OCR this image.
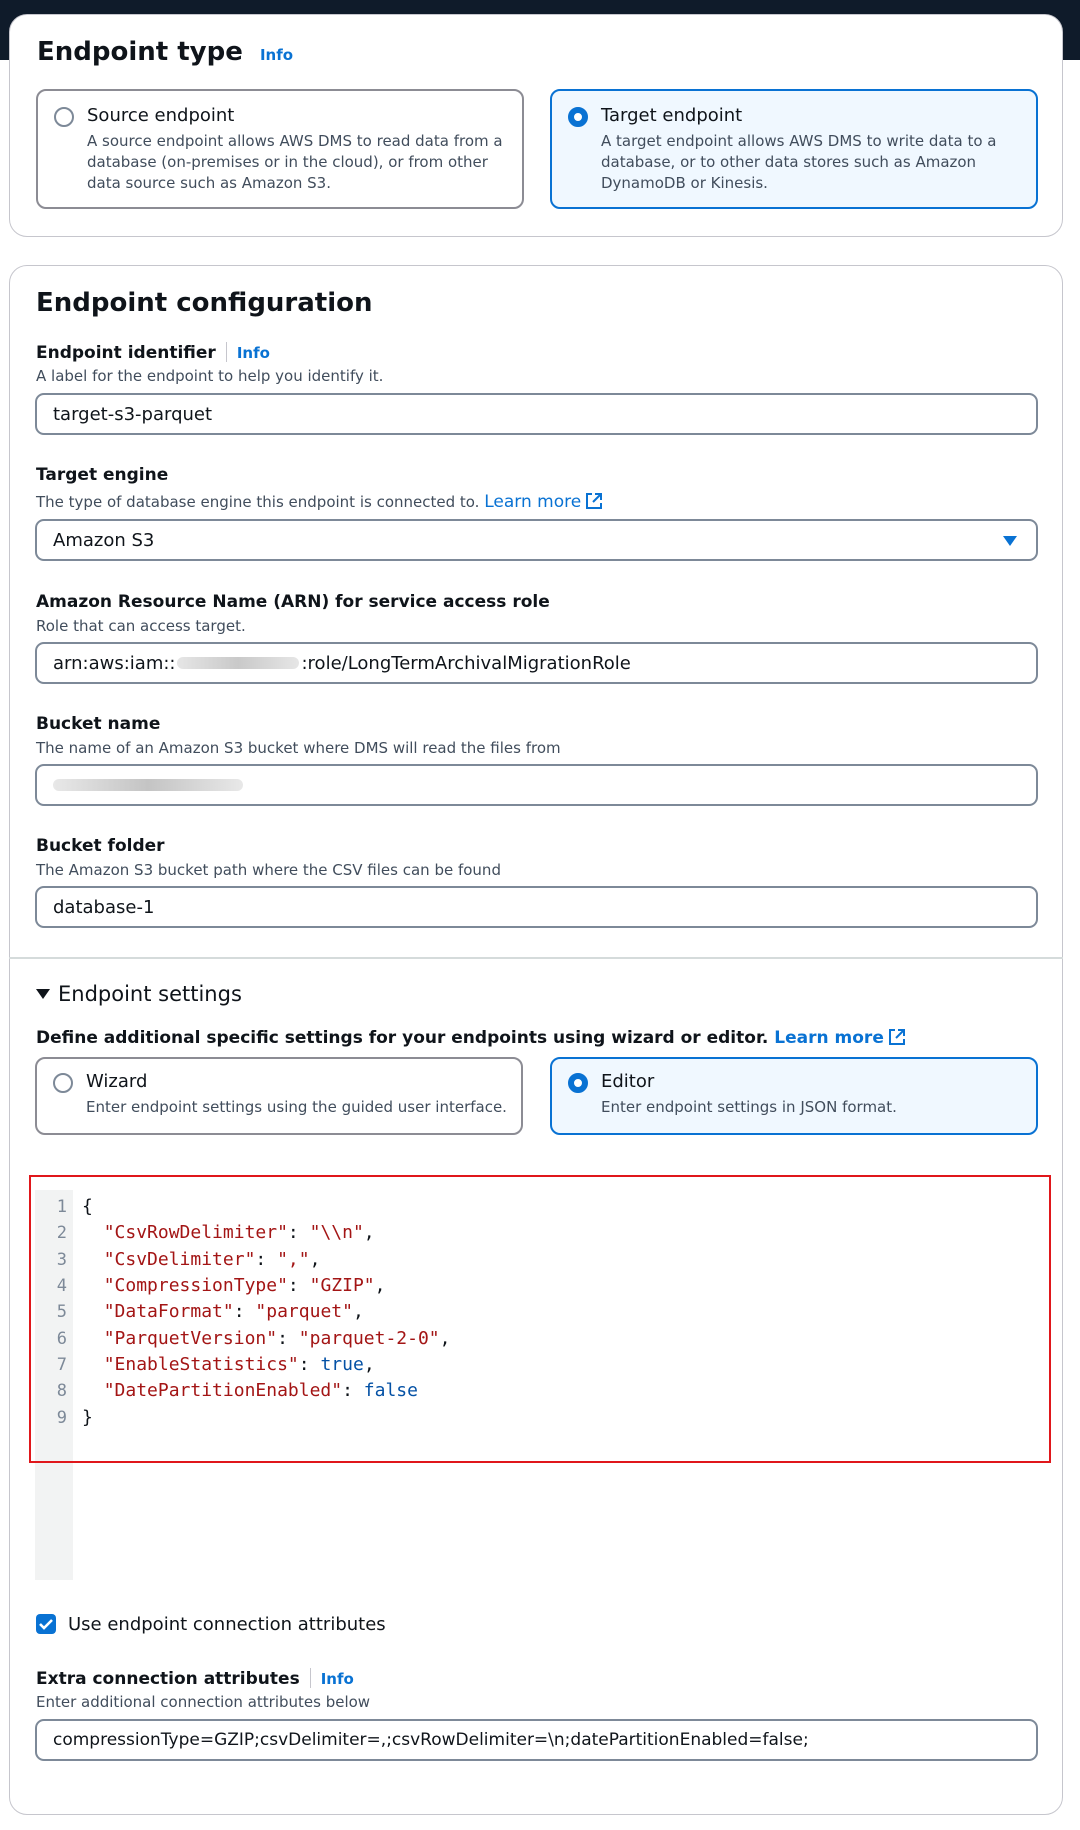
Endpoint type Info
Source endpoint
A source endpoint allows AWS DMS to read data from a database (on-premises or in the cloud), or from other data source such as Amazon S3.
Target endpoint
A target endpoint allows AWS DMS to write data to a database, or to other data stores such as Amazon DynamoDB or Kinesis.
Endpoint configuration
Endpoint identifier Info
A label for the endpoint to help you identify it.
target-s3-parquet
Target engine
The type of database engine this endpoint is connected to. Learn more
Amazon S3
Amazon Resource Name (ARN) for service access role
Role that can access target.
arn:aws:iam::	:role/LongTermArchivalMigrationRole
Bucket name
The name of an Amazon S3 bucket where DMS will read the files from
Bucket folder
The Amazon S3 bucket path where the CSV files can be found
database-1
Endpoint settings
Define additional specific settings for your endpoints using wizard or editor. Learn more
Wizard
Enter endpoint settings using the guided user interface.
Editor
Enter endpoint settings in JSON format.
1
2
3
4
5
6
7
8
9
{
"CsvRowDelimiter": "\\n",
"CsvDelimiter": ",",
"CompressionType": "GZIP",
"DataFormat": "parquet",
"ParquetVersion": "parquet-2-0",
"EnableStatistics": true,
"DatePartitionEnabled": false
}
Use endpoint connection attributes
Extra connection attributes Info
Enter additional connection attributes below
compressionType=GZIP;csvDelimiter=,;csvRowDelimiter=\n;datePartitionEnabled=false;
